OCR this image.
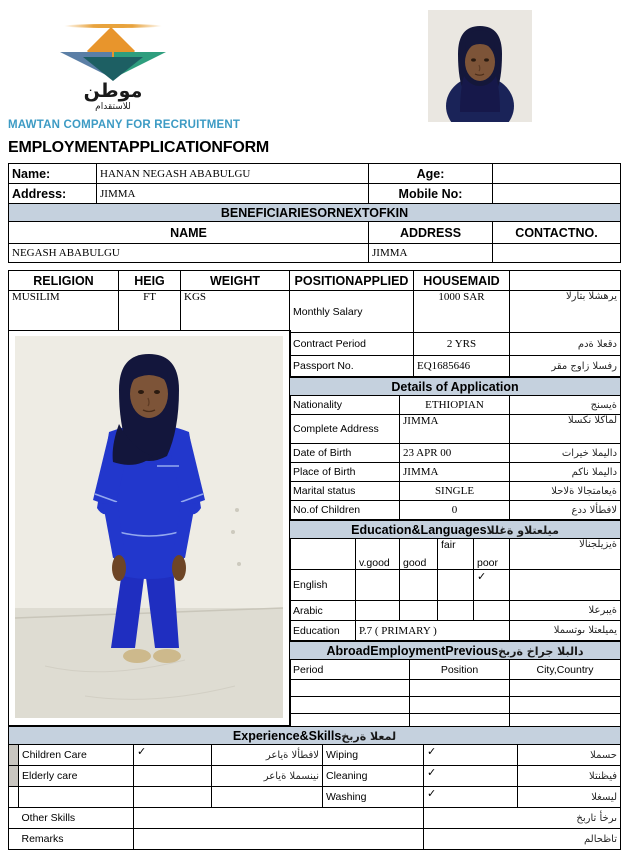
موطن
للاستقدام
MAWTAN COMPANY FOR RECRUITMENT
EMPLOYMENTAPPLICATIONFORM
Name:	HANAN NEGASH ABABULGU	Age:	
Address:	JIMMA	Mobile No:	
BENEFICIARIESORNEXTOFKIN			
NAME		ADDRESS	CONTACTNO.
NEGASH ABABULGU		JIMMA	
RELIGION	HEIG	WEIGHT
MUSILIM	FT	KGS
POSITIONAPPLIED	HOUSEMAID	
Monthly Salary	1000 SAR	الراتب الشهري
Contract Period	2 YRS	مدة العقد
Passport No.	EQ1685646	رقم جواز السفر
Details of Application		
Nationality	ETHIOPIAN	جنسية
Complete Address	JIMMA	السكن الكامل
Date of Birth	23 APR 00	تاريخ الميلاد
Place of Birth	JIMMA	مكان الميلاد
Marital status	SINGLE	الحالة الاجتماعية
No.of Children	0	عدد الأطفال
Education&Languagesاللغة والتعليم					
	v.good	good	fair	poor	الانجليزية
English				✓	
Arabic					العربية
Education	P.7 ( PRIMARY )				المستوى التعليمي
AbroadEmploymentPreviousخبرة خارج البلاد		
Period	Position	City,Country

Experience&Skillsخبرة العمل						
	Children Care	✓	رعاية الأطفال	Wiping	✓	المسح
	Elderly care		رعاية المسنين	Cleaning	✓	التنظيف
				Washing	✓	الغسيل
	Other Skills					خبرات أخرى
	Remarks					ملاحظات
